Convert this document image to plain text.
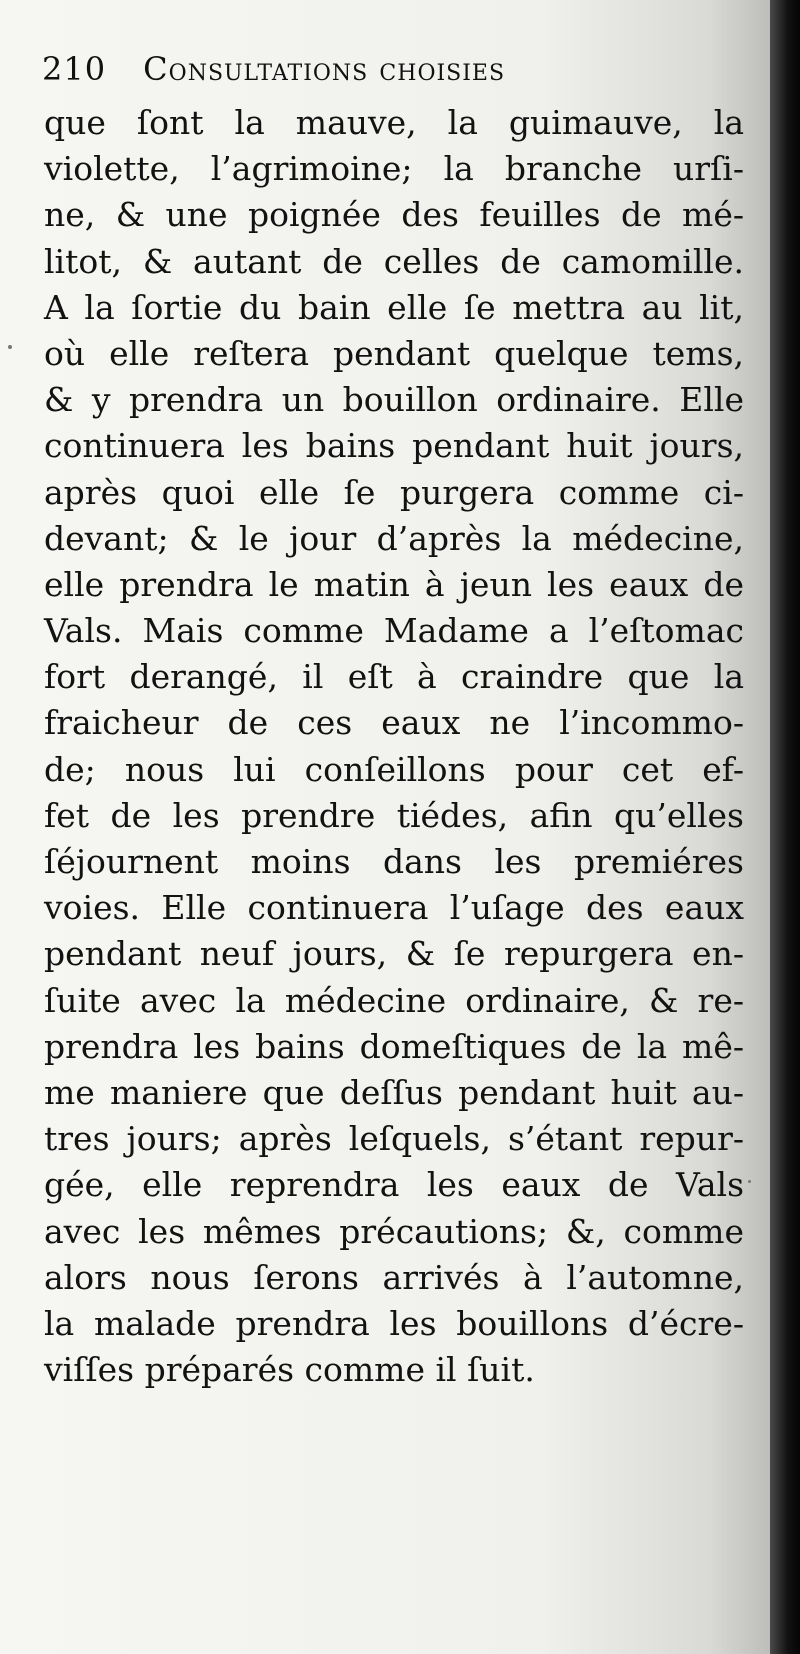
210 Consultations choisies
que ſont la mauve, la guimauve, la
violette, l’agrimoine; la branche urſi-
ne, & une poignée des feuilles de mé-
litot, & autant de celles de camomille.
A la ſortie du bain elle ſe mettra au lit,
où elle reſtera pendant quelque tems,
& y prendra un bouillon ordinaire. Elle
continuera les bains pendant huit jours,
après quoi elle ſe purgera comme ci-
devant; & le jour d’après la médecine,
elle prendra le matin à jeun les eaux de
Vals. Mais comme Madame a l’eſtomac
fort derangé, il eſt à craindre que la
fraicheur de ces eaux ne l’incommo-
de; nous lui conſeillons pour cet ef-
fet de les prendre tiédes, afin qu’elles
ſéjournent moins dans les premiéres
voies. Elle continuera l’uſage des eaux
pendant neuf jours, & ſe repurgera en-
ſuite avec la médecine ordinaire, & re-
prendra les bains domeſtiques de la mê-
me maniere que deſſus pendant huit au-
tres jours; après leſquels, s’étant repur-
gée, elle reprendra les eaux de Vals
avec les mêmes précautions; &, comme
alors nous ſerons arrivés à l’automne,
la malade prendra les bouillons d’écre-
viſſes préparés comme il ſuit.
